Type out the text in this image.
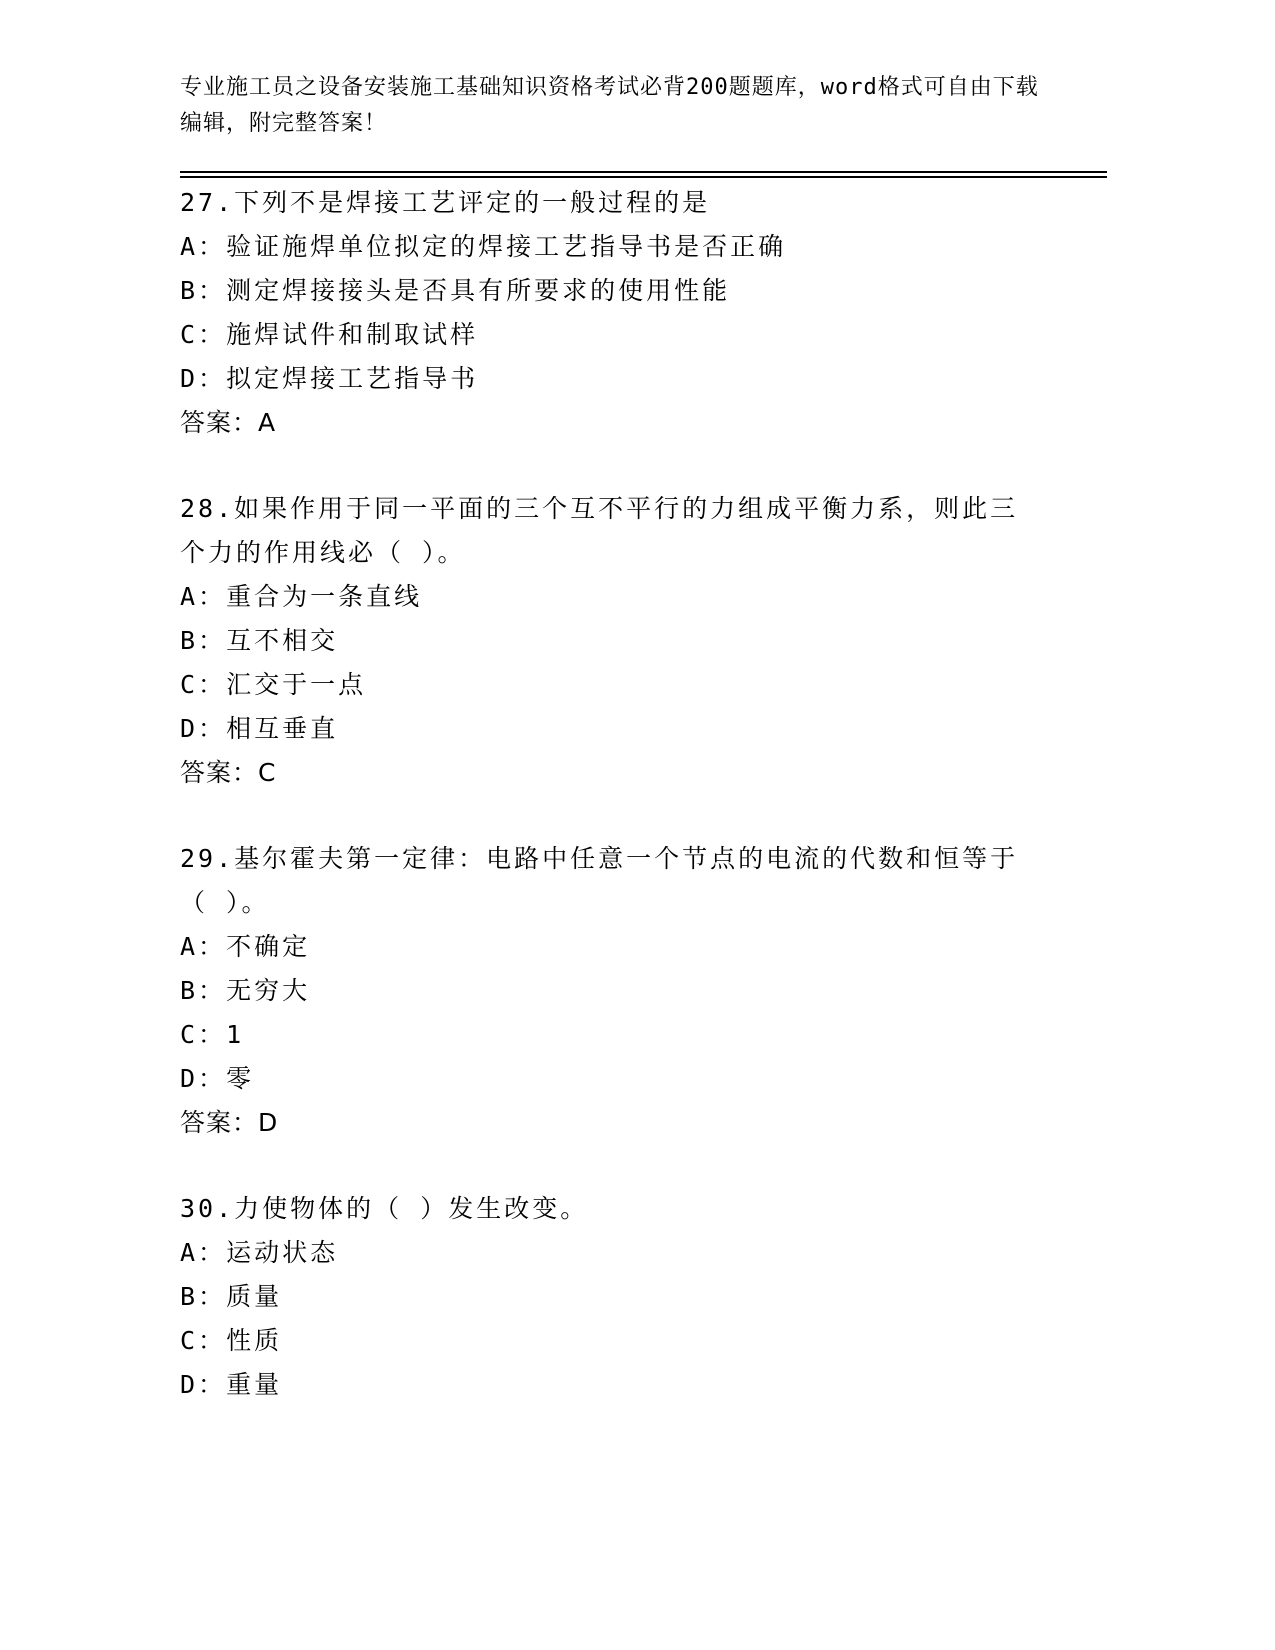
专业施工员之设备安装施工基础知识资格考试必背200题题库，word格式可自由下载编辑，附完整答案！
27.下列不是焊接工艺评定的一般过程的是
A：验证施焊单位拟定的焊接工艺指导书是否正确
B：测定焊接接头是否具有所要求的使用性能
C：施焊试件和制取试样
D：拟定焊接工艺指导书
答案：A
28.如果作用于同一平面的三个互不平行的力组成平衡力系，则此三个力的作用线必（ ）。
A：重合为一条直线
B：互不相交
C：汇交于一点
D：相互垂直
答案：C
29.基尔霍夫第一定律：电路中任意一个节点的电流的代数和恒等于（ ）。
A：不确定
B：无穷大
C：1
D：零
答案：D
30.力使物体的（ ）发生改变。
A：运动状态
B：质量
C：性质
D：重量
